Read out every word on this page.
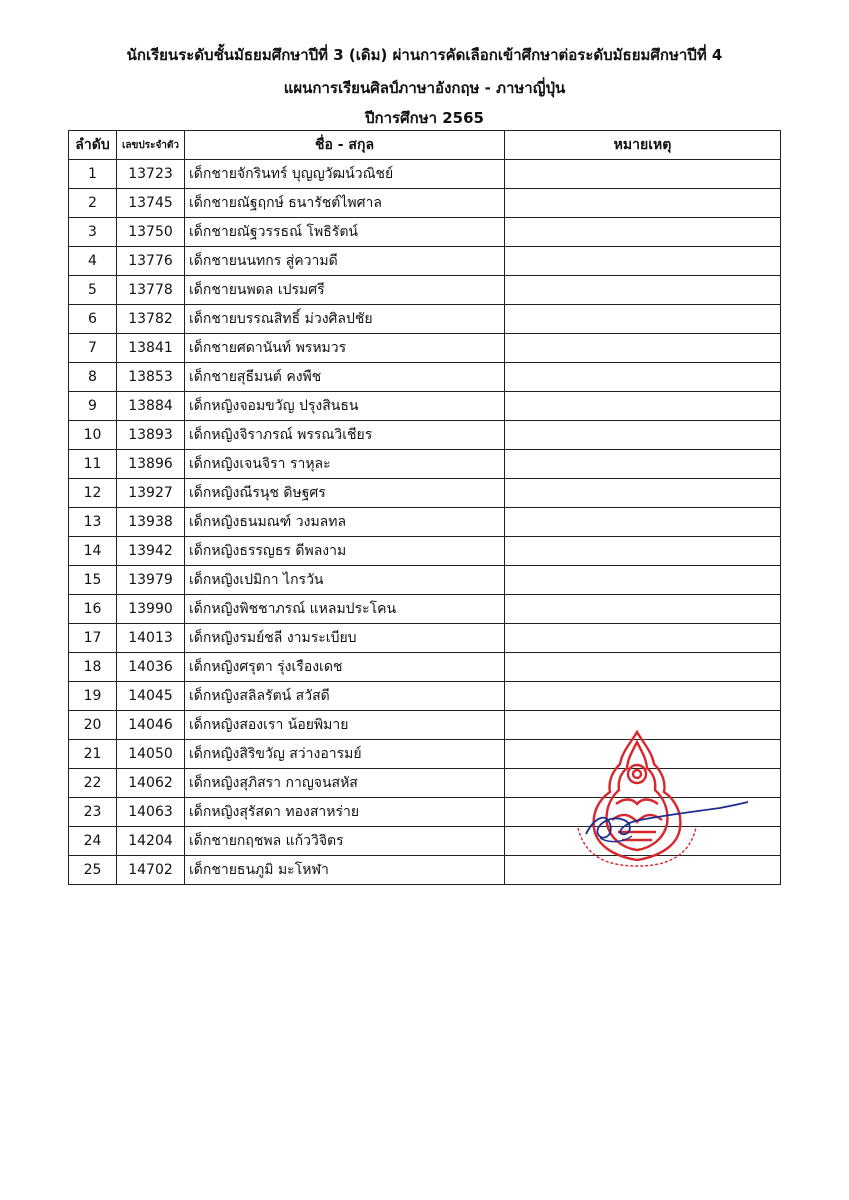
นักเรียนระดับชั้นมัธยมศึกษาปีที่ 3 (เดิม) ผ่านการคัดเลือกเข้าศึกษาต่อระดับมัธยมศึกษาปีที่ 4
แผนการเรียนศิลป์ภาษาอังกฤษ - ภาษาญี่ปุ่น
ปีการศึกษา 2565
ลำดับ	เลขประจำตัว	ชื่อ - สกุล	หมายเหตุ
1	13723	เด็กชายจักรินทร์ บุญญวัฒน์วณิชย์	
2	13745	เด็กชายณัฐฤกษ์ ธนารัชต์ไพศาล	
3	13750	เด็กชายณัฐวรรธณ์ โพธิรัตน์	
4	13776	เด็กชายนนทกร สู่ความดี	
5	13778	เด็กชายนพดล เปรมศรี	
6	13782	เด็กชายบรรณสิทธิ์ ม่วงศิลปชัย	
7	13841	เด็กชายศดานันท์ พรหมวร	
8	13853	เด็กชายสุธีมนต์ คงพืช	
9	13884	เด็กหญิงจอมขวัญ ปรุงสินธน	
10	13893	เด็กหญิงจิราภรณ์ พรรณวิเชียร	
11	13896	เด็กหญิงเจนจิรา ราหุละ	
12	13927	เด็กหญิงณีรนุช ดิษฐศร	
13	13938	เด็กหญิงธนมณฑ์ วงมลทล	
14	13942	เด็กหญิงธรรญธร ดีพลงาม	
15	13979	เด็กหญิงเปมิกา ไกรวัน	
16	13990	เด็กหญิงพิชชาภรณ์ แหลมประโคน	
17	14013	เด็กหญิงรมย์ชลี งามระเบียบ	
18	14036	เด็กหญิงศรุตา รุ่งเรืองเดช	
19	14045	เด็กหญิงสลิลรัตน์ สวัสดี	
20	14046	เด็กหญิงสองเรา น้อยพิมาย	
21	14050	เด็กหญิงสิริขวัญ สว่างอารมย์	
22	14062	เด็กหญิงสุภิสรา กาญจนสหัส	
23	14063	เด็กหญิงสุรัสดา ทองสาหร่าย	
24	14204	เด็กชายกฤชพล แก้ววิจิตร	
25	14702	เด็กชายธนภูมิ มะโหฬา	
